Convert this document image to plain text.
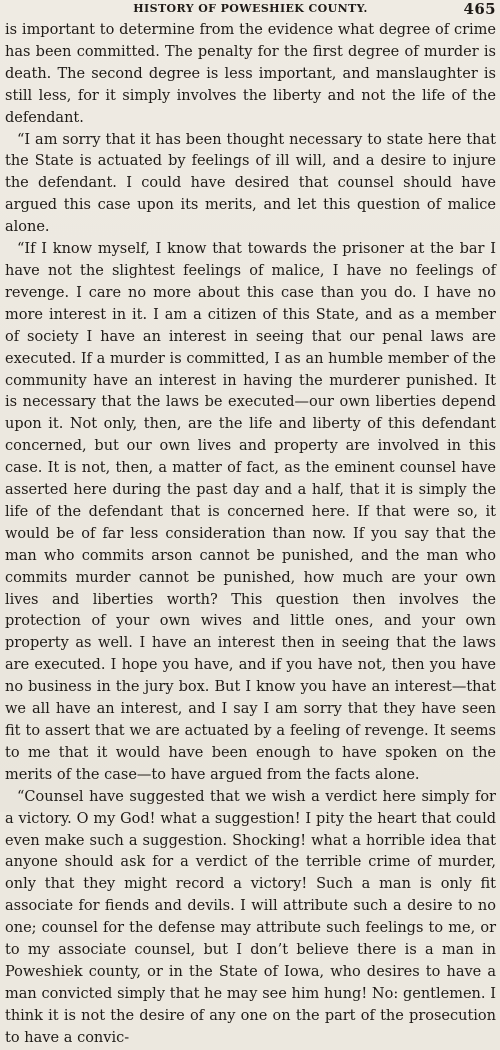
HISTORY OF POWESHIEK COUNTY.	465

is important to determine from the evidence what degree of crime has been committed. The penalty for the first degree of murder is death. The second degree is less important, and manslaughter is still less, for it simply involves the liberty and not the life of the defendant.

“I am sorry that it has been thought necessary to state here that the State is actuated by feelings of ill will, and a desire to injure the defendant. I could have desired that counsel should have argued this case upon its merits, and let this question of malice alone.

“If I know myself, I know that towards the prisoner at the bar I have not the slightest feelings of malice, I have no feelings of revenge. I care no more about this case than you do. I have no more interest in it. I am a citizen of this State, and as a member of society I have an interest in seeing that our penal laws are executed. If a murder is committed, I as an humble member of the community have an interest in having the murderer punished. It is necessary that the laws be executed—our own liberties depend upon it. Not only, then, are the life and liberty of this defendant concerned, but our own lives and property are involved in this case. It is not, then, a matter of fact, as the eminent counsel have asserted here during the past day and a half, that it is simply the life of the defendant that is concerned here. If that were so, it would be of far less consideration than now. If you say that the man who commits arson cannot be punished, and the man who commits murder cannot be punished, how much are your own lives and liberties worth? This question then involves the protection of your own wives and little ones, and your own property as well. I have an interest then in seeing that the laws are executed. I hope you have, and if you have not, then you have no business in the jury box. But I know you have an interest—that we all have an interest, and I say I am sorry that they have seen fit to assert that we are actuated by a feeling of revenge. It seems to me that it would have been enough to have spoken on the merits of the case—to have argued from the facts alone.

“Counsel have suggested that we wish a verdict here simply for a victory. O my God! what a suggestion! I pity the heart that could even make such a suggestion. Shocking! what a horrible idea that anyone should ask for a verdict of the terrible crime of murder, only that they might record a victory! Such a man is only fit associate for fiends and devils. I will attribute such a desire to no one; counsel for the defense may attribute such feelings to me, or to my associate counsel, but I don’t believe there is a man in Poweshiek county, or in the State of Iowa, who desires to have a man convicted simply that he may see him hung! No: gentlemen. I think it is not the desire of any one on the part of the prosecution to have a convic-
